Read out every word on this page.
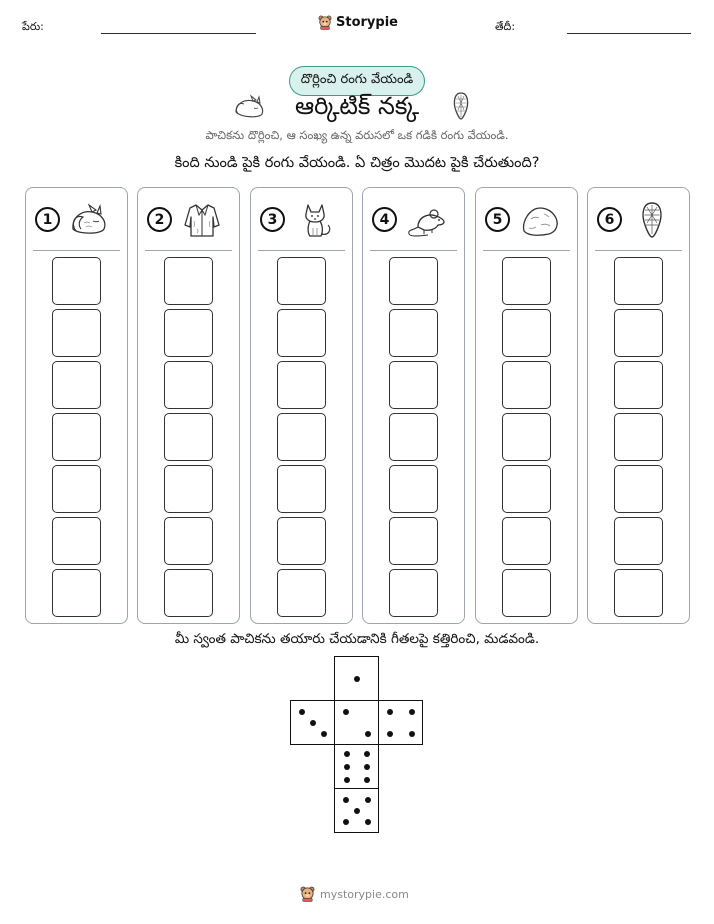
పేరు:	Storypie	తేదీ:
దొర్లించి రంగు వేయండి
ఆర్కిటిక్ నక్క
పాచికను దొర్లించి, ఆ సంఖ్య ఉన్న వరుసలో ఒక గడికి రంగు వేయండి.
కింది నుండి పైకి రంగు వేయండి. ఏ చిత్రం మొదట పైకి చేరుతుంది?
1	2	3	4	5	6
మీ స్వంత పాచికను తయారు చేయడానికి గీతలపై కత్తిరించి, మడవండి.
mystorypie.com
